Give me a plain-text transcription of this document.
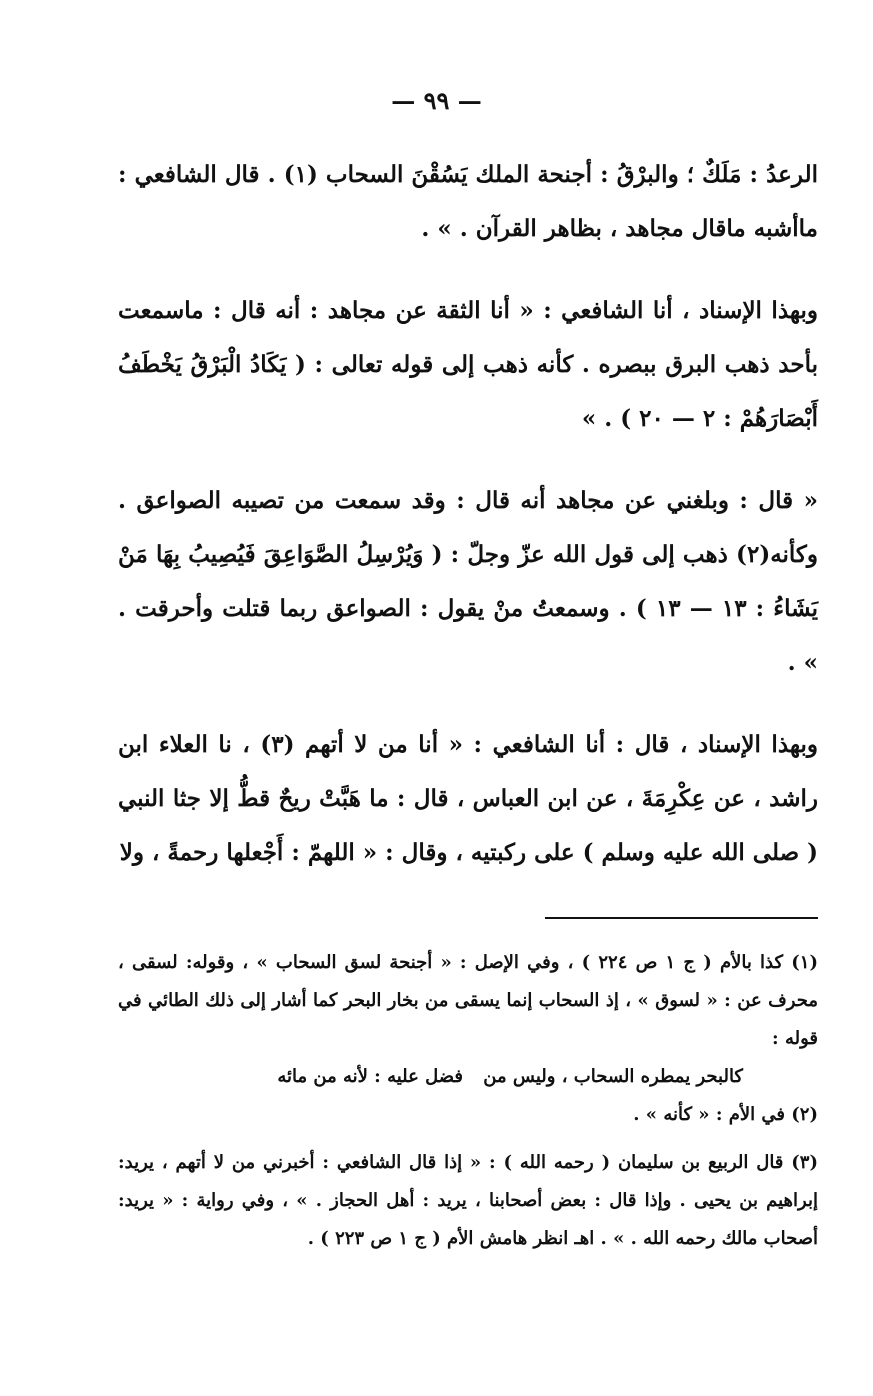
— ٩٩ —

الرعدُ : مَلَكٌ ؛ والبرْقُ : أجنحة الملك يَسُقْنَ السحاب (١) . قال الشافعي : ماأشبه ماقال مجاهد ، بظاهر القرآن . » .

وبهذا الإسناد ، أنا الشافعي : « أنا الثقة عن مجاهد : أنه قال : ماسمعت بأحد ذهب البرق ببصره . كأنه ذهب إلى قوله تعالى : ( يَكَادُ الْبَرْقُ يَخْطَفُ أَبْصَارَهُمْ : ٢ — ٢٠ ) . »

« قال : وبلغني عن مجاهد أنه قال : وقد سمعت من تصيبه الصواعق . وكأنه(٢) ذهب إلى قول الله عزّ وجلّ : ( وَيُرْسِلُ الصَّوَاعِقَ فَيُصِيبُ بِهَا مَنْ يَشَاءُ : ١٣ — ١٣ ) . وسمعتُ منْ يقول : الصواعق ربما قتلت وأحرقت . » .

وبهذا الإسناد ، قال : أنا الشافعي : « أنا من لا أتهم (٣) ، نا العلاء ابن راشد ، عن عِكْرِمَةَ ، عن ابن العباس ، قال : ما هَبَّتْ ريحٌ قطُّ إلا جثا النبي ( صلى الله عليه وسلم ) على ركبتيه ، وقال : « اللهمّ : أَجْعلها رحمةً ، ولا

(١) كذا بالأم ( ج ١ ص ٢٢٤ ) ، وفي الإصل : « أجنحة لسق السحاب » ، وقوله: لسقى ، محرف عن : « لسوق » ، إذ السحاب إنما يسقى من بخار البحر كما أشار إلى ذلك الطائي في قوله :

كالبحر يمطره السحاب ، وليس من
فضل عليه : لأنه من مائه

(٢) في الأم : « كأنه » .

(٣) قال الربيع بن سليمان ( رحمه الله ) : « إذا قال الشافعي : أخبرني من لا أتهم ، يريد: إبراهيم بن يحيى . وإذا قال : بعض أصحابنا ، يريد : أهل الحجاز . » ، وفي رواية : « يريد: أصحاب مالك رحمه الله . » . اهـ انظر هامش الأم ( ج ١ ص ٢٢٣ ) .
